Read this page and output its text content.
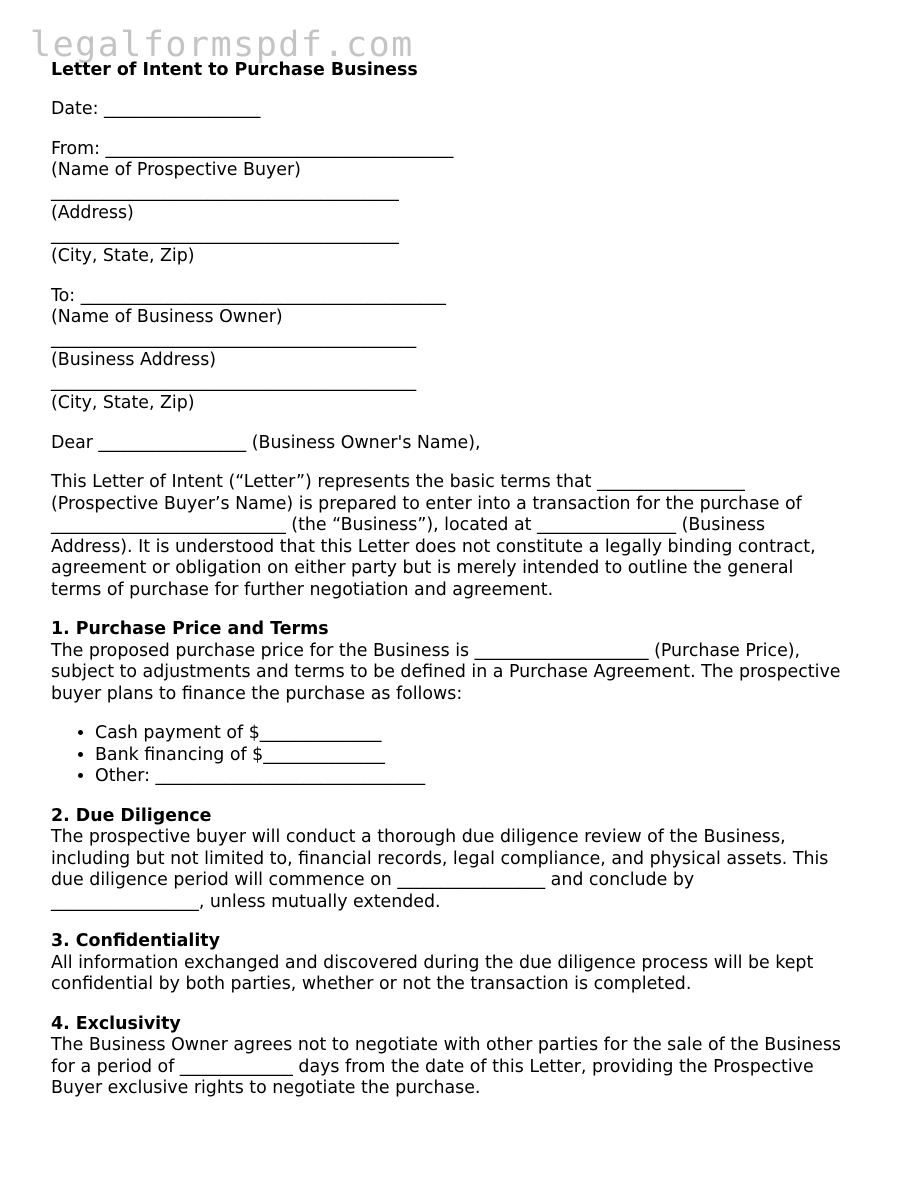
legalformspdf.com
Letter of Intent to Purchase Business

Date: __________________

From: ________________________________________
(Name of Prospective Buyer)
________________________________________
(Address)
________________________________________
(City, State, Zip)

To: __________________________________________
(Name of Business Owner)
__________________________________________
(Business Address)
__________________________________________
(City, State, Zip)

Dear _________________ (Business Owner's Name),

This Letter of Intent (“Letter”) represents the basic terms that _________________
(Prospective Buyer’s Name) is prepared to enter into a transaction for the purchase of
___________________________ (the “Business”), located at ________________ (Business
Address). It is understood that this Letter does not constitute a legally binding contract,
agreement or obligation on either party but is merely intended to outline the general
terms of purchase for further negotiation and agreement.

1. Purchase Price and Terms

The proposed purchase price for the Business is ____________________ (Purchase Price),
subject to adjustments and terms to be defined in a Purchase Agreement. The prospective
buyer plans to finance the purchase as follows:

• Cash payment of $______________
• Bank financing of $______________
• Other: _______________________________
2. Due Diligence

The prospective buyer will conduct a thorough due diligence review of the Business,
including but not limited to, financial records, legal compliance, and physical assets. This
due diligence period will commence on _________________ and conclude by
_________________, unless mutually extended.

3. Confidentiality

All information exchanged and discovered during the due diligence process will be kept
confidential by both parties, whether or not the transaction is completed.

4. Exclusivity

The Business Owner agrees not to negotiate with other parties for the sale of the Business
for a period of _____________ days from the date of this Letter, providing the Prospective
Buyer exclusive rights to negotiate the purchase.
